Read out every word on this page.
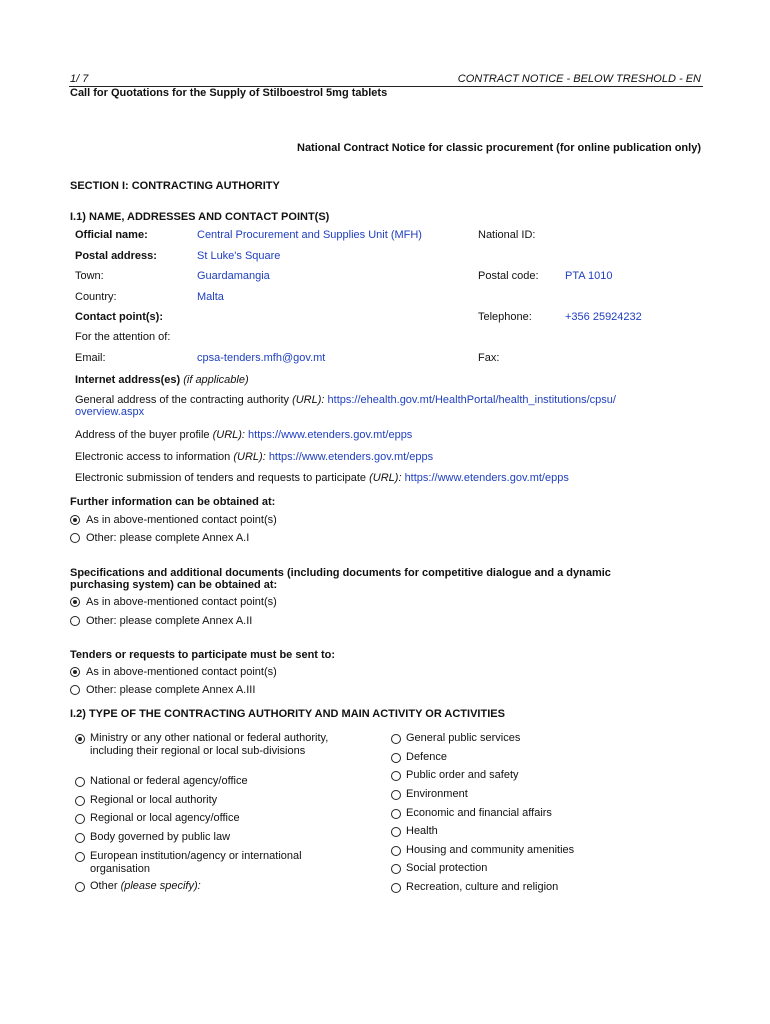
1/ 7	CONTRACT NOTICE - BELOW TRESHOLD - EN
Call for Quotations for the Supply of Stilboestrol 5mg tablets
National Contract Notice for classic procurement (for online publication only)
SECTION I: CONTRACTING AUTHORITY
I.1) NAME, ADDRESSES AND CONTACT POINT(S)
Official name:	Central Procurement and Supplies Unit (MFH)	National ID:
Postal address:	St Luke's Square
Town:	Guardamangia	Postal code: PTA 1010
Country:	Malta
Contact point(s):	Telephone:	+356 25924232
For the attention of:
Email:	cpsa-tenders.mfh@gov.mt	Fax:
Internet address(es) (if applicable)
General address of the contracting authority (URL): https://ehealth.gov.mt/HealthPortal/health_institutions/cpsu/
overview.aspx
Address of the buyer profile (URL): https://www.etenders.gov.mt/epps
Electronic access to information (URL): https://www.etenders.gov.mt/epps
Electronic submission of tenders and requests to participate (URL): https://www.etenders.gov.mt/epps
Further information can be obtained at:
As in above-mentioned contact point(s)
Other: please complete Annex A.I
Specifications and additional documents (including documents for competitive dialogue and a dynamic
purchasing system) can be obtained at:
As in above-mentioned contact point(s)
Other: please complete Annex A.II
Tenders or requests to participate must be sent to:
As in above-mentioned contact point(s)
Other: please complete Annex A.III
I.2) TYPE OF THE CONTRACTING AUTHORITY AND MAIN ACTIVITY OR ACTIVITIES
Ministry or any other national or federal authority, including their regional or local sub-divisions
National or federal agency/office
Regional or local authority
Regional or local agency/office
Body governed by public law
European institution/agency or international organisation
Other (please specify):
General public services
Defence
Public order and safety
Environment
Economic and financial affairs
Health
Housing and community amenities
Social protection
Recreation, culture and religion
